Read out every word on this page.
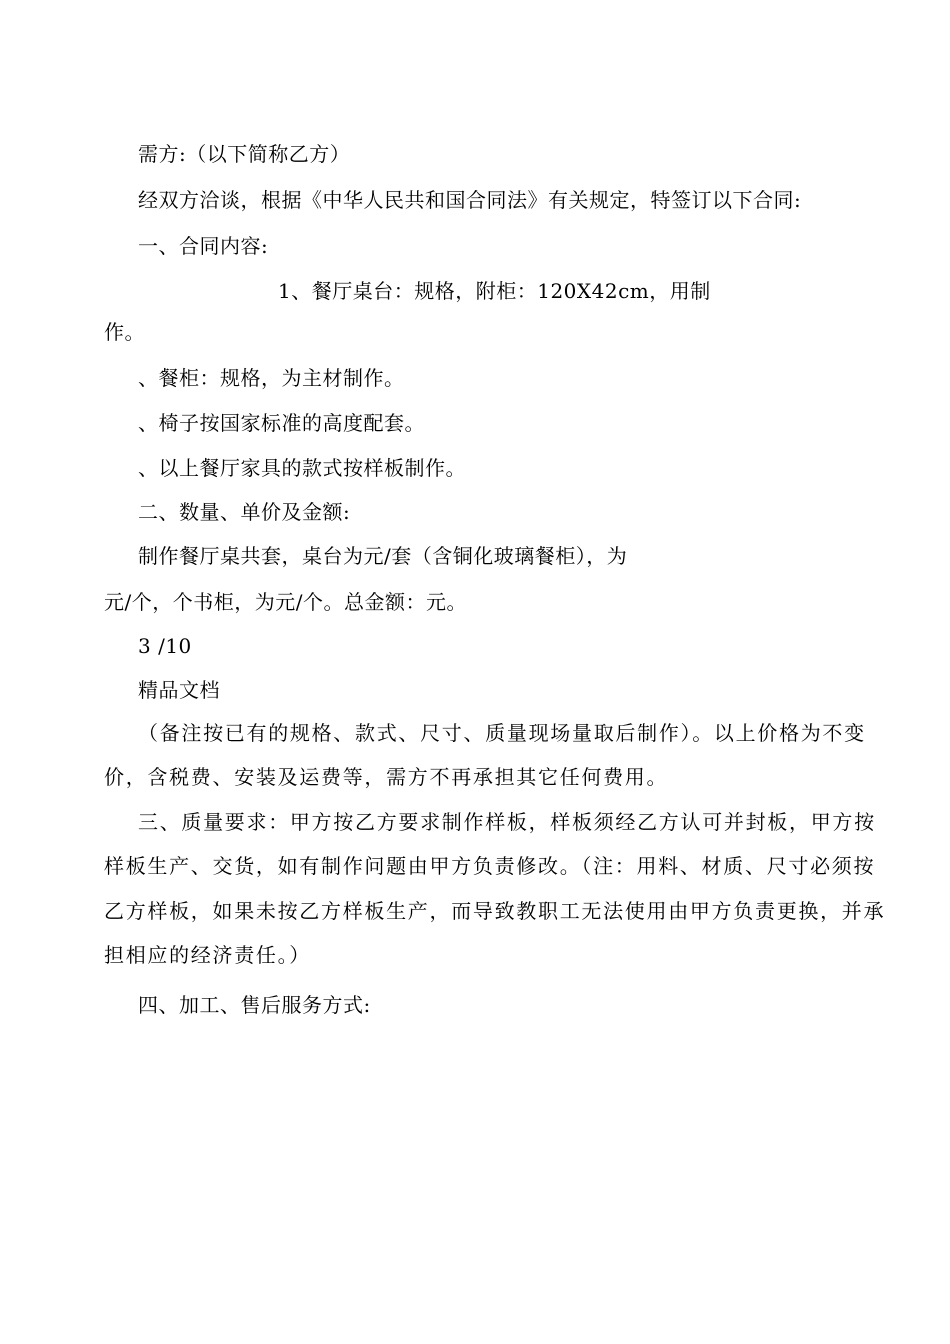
需方:（以下简称乙方）
经双方洽谈，根据《中华人民共和国合同法》有关规定，特签订以下合同:
一、合同内容:
1、餐厅桌台：规格，附柜：120X42cm，用制
作。
、餐柜：规格，为主材制作。
、椅子按国家标准的高度配套。
、以上餐厅家具的款式按样板制作。
二、数量、单价及金额:
制作餐厅桌共套，桌台为元/套（含铜化玻璃餐柜），为
元/个，个书柜，为元/个。总金额：元。
3 /10
精品文档
（备注按已有的规格、款式、尺寸、质量现场量取后制作）。以上价格为不变
价，含税费、安装及运费等，需方不再承担其它任何费用。
三、质量要求：甲方按乙方要求制作样板，样板须经乙方认可并封板，甲方按
样板生产、交货，如有制作问题由甲方负责修改。（注：用料、材质、尺寸必须按
乙方样板，如果未按乙方样板生产，而导致教职工无法使用由甲方负责更换，并承
担相应的经济责任。）
四、加工、售后服务方式:
